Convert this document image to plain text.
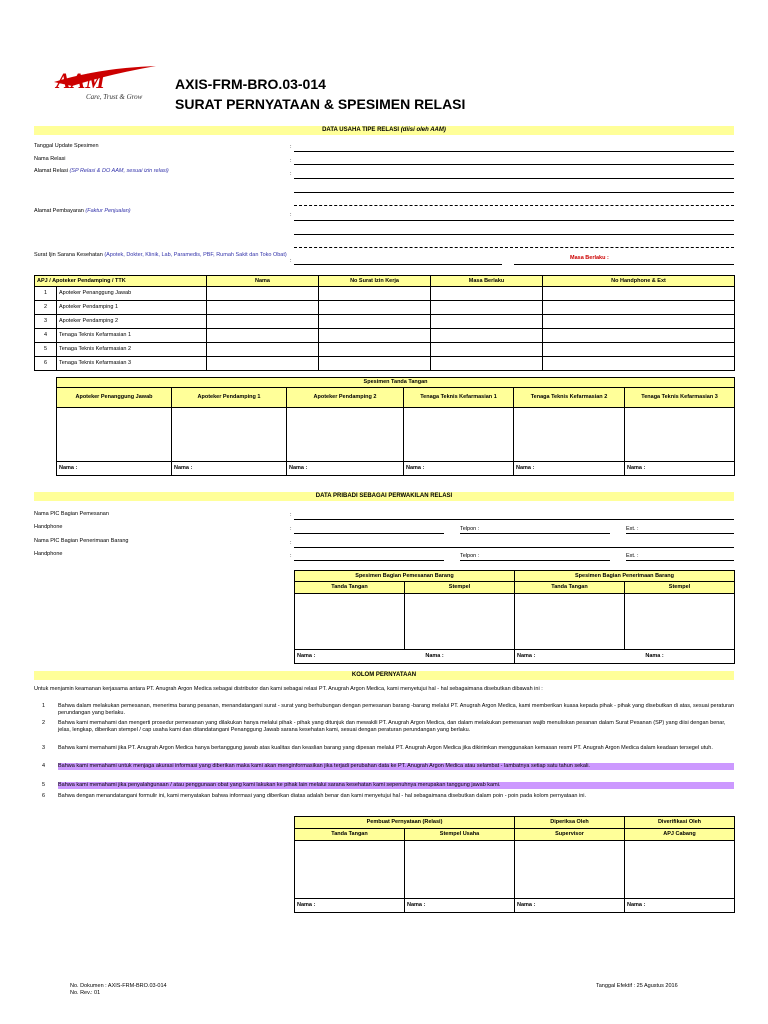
AAM
Care, Trust & Grow
AXIS-FRM-BRO.03-014
SURAT PERNYATAAN & SPESIMEN RELASI
DATA USAHA TIPE RELASI (diisi oleh AAM)
Tanggal Update Spesimen	:
Nama Relasi	:
Alamat Relasi (SP Relasi & DO AAM, sesuai izin relasi)	:
Alamat Pembayaran (Faktur Penjualan)
:
Surat Ijin Sarana Kesehatan (Apotek, Dokter, Klinik, Lab, Paramedis, PBF, Rumah Sakit dan Toko Obat)
:	Masa Berlaku :
APJ / Apoteker Pendamping / TTK		Nama	No Surat Izin Kerja	Masa Berlaku	No Handphone & Ext
1	Apoteker Penanggung Jawab				
2	Apoteker Pendamping 1				
3	Apoteker Pendamping 2				
4	Tenaga Teknis Kefarmasian 1				
5	Tenaga Teknis Kefarmasian 2				
6	Tenaga Teknis Kefarmasian 3				
Spesimen Tanda Tangan					
Apoteker Penanggung Jawab	Apoteker Pendamping 1	Apoteker Pendamping 2	Tenaga Teknis Kefarmasian 1	Tenaga Teknis Kefarmasian 2	Tenaga Teknis Kefarmasian 3

Nama :	Nama :	Nama :	Nama :	Nama :	Nama :
DATA PRIBADI SEBAGAI PERWAKILAN RELASI
Nama PIC Bagian Pemesanan	:
Handphone	:	Telpon :	Ext. :
Nama PIC Bagian Penerimaan Barang	:
Handphone	:	Telpon :	Ext. :
Spesimen Bagian Pemesanan Barang		Spesimen Bagian Penerimaan Barang	
Tanda Tangan	Stempel	Tanda Tangan	Stempel

Nama : Nama :		Nama : Nama :	
KOLOM PERNYATAAN
Untuk menjamin keamanan kerjasama antara PT. Anugrah Argon Medica sebagai distributor dan kami sebagai relasi PT. Anugrah Argon Medica, kami menyetujui hal - hal sebagaimana disebutkan dibawah ini :
1 Bahwa dalam melakukan pemesanan, menerima barang pesanan, menandatangani surat - surat yang berhubungan dengan pemesanan barang -barang melalui PT. Anugrah Argon Medica, kami memberikan kuasa kepada pihak - pihak yang disebutkan di atas, sesuai peraturan perundangan yang berlaku.
2 Bahwa kami memahami dan mengerti prosedur pemesanan yang dilakukan hanya melalui pihak - pihak yang ditunjuk dan mewakili PT. Anugrah Argon Medica, dan dalam melakukan pemesanan wajib menuliskan pesanan dalam Surat Pesanan (SP) yang diisi dengan benar, jelas, lengkap, diberikan stempel / cap usaha kami dan ditandatangani Penanggung Jawab sarana kesehatan kami, sesuai dengan peraturan perundangan yang berlaku.
3 Bahwa kami memahami jika PT. Anugrah Argon Medica hanya bertanggung jawab atas kualitas dan keaslian barang yang dipesan melalui PT. Anugrah Argon Medica jika dikirimkan menggunakan kemasan resmi PT. Anugrah Argon Medica dalam keadaan tersegel utuh.
4 Bahwa kami memahami untuk menjaga akurasi informasi yang diberikan maka kami akan menginformasikan jika terjadi perubahan data ke PT. Anugrah Argon Medica atau selambat - lambatnya setiap satu tahun sekali.
5 Bahwa kami memahami jika penyalahgunaan / atau penggunaan obat yang kami lakukan ke pihak lain melalui sarana kesehatan kami sepenuhnya merupakan tanggung jawab kami.
6 Bahwa dengan menandatangani formulir ini, kami menyatakan bahwa informasi yang diberikan diatas adalah benar dan kami menyetujui hal - hal sebagaimana disebutkan dalam poin - poin pada kolom pernyataan ini.
Pembuat Pernyataan (Relasi)		Diperiksa Oleh	Diverifikasi Oleh
Tanda Tangan	Stempel Usaha	Supervisor	APJ Cabang

Nama :	Nama :	Nama :	Nama :
No. Dokumen : AXIS-FRM-BRO.03-014
No. Rev.: 01
Tanggal Efektif : 25 Agustus 2016
